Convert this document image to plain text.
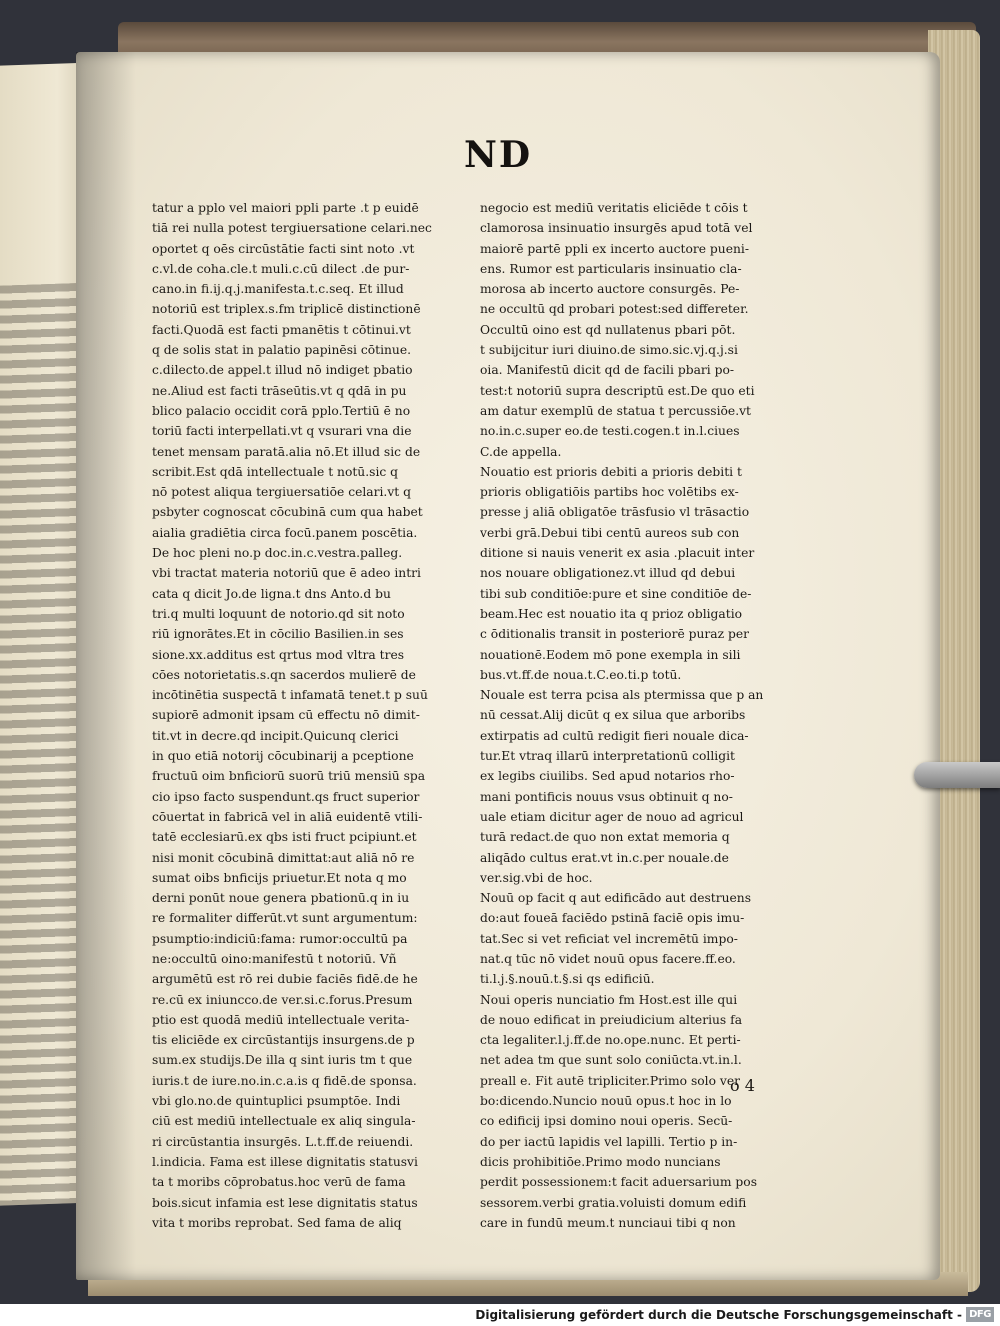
ND
tatur a pplo vel maiori ppli parte .t p euidē
tiā rei nulla potest tergiuersatione celari.nec
oportet q oēs circūstātie facti sint noto .vt
c.vl.de coha.cle.t muli.c.cū dilect .de pur-
cano.in fi.ij.q.j.manifesta.t.c.seq. Et illud
notoriū est triplex.s.fm triplicē distinctionē
facti.Quodā est facti pmanētis t cōtinui.vt
q de solis stat in palatio papinēsi cōtinue.
c.dilecto.de appel.t illud nō indiget pbatio
ne.Aliud est facti trāseūtis.vt q qdā in pu
blico palacio occidit corā pplo.Tertiū ē no
toriū facti interpellati.vt q vsurari vna die
tenet mensam paratā.alia nō.Et illud sic de
scribit.Est qdā intellectuale t notū.sic q
nō potest aliqua tergiuersatiōe celari.vt q
psbyter cognoscat cōcubinā cum qua habet
aialia gradiētia circa focū.panem poscētia.
De hoc pleni no.p doc.in.c.vestra.palleg.
vbi tractat materia notoriū que ē adeo intri
cata q dicit Jo.de ligna.t dns Anto.d bu
tri.q multi loquunt de notorio.qd sit noto
riū ignorātes.Et in cōcilio Basilien.in ses
sione.xx.additus est qrtus mod vltra tres
cōes notorietatis.s.qn sacerdos mulierē de
incōtinētia suspectā t infamatā tenet.t p suū
supiorē admonit ipsam cū effectu nō dimit-
tit.vt in decre.qd incipit.Quicunq clerici
in quo etiā notorij cōcubinarij a pceptione
fructuū oim bnficiorū suorū triū mensiū spa
cio ipso facto suspendunt.qs fruct superior
cōuertat in fabricā vel in aliā euidentē vtili-
tatē ecclesiarū.ex qbs isti fruct pcipiunt.et
nisi monit cōcubinā dimittat:aut aliā nō re
sumat oibs bnficijs priuetur.Et nota q mo
derni ponūt noue genera pbationū.q in iu
re formaliter differūt.vt sunt argumentum:
psumptio:indiciū:fama: rumor:occultū pa
ne:occultū oino:manifestū t notoriū. Vñ
argumētū est rō rei dubie faciēs fidē.de he
re.cū ex iniuncco.de ver.si.c.forus.Presum
ptio est quodā mediū intellectuale verita-
tis eliciēde ex circūstantijs insurgens.de p
sum.ex studijs.De illa q sint iuris tm t que
iuris.t de iure.no.in.c.a.is q fidē.de sponsa.
vbi glo.no.de quintuplici psumptōe. Indi
ciū est mediū intellectuale ex aliq singula-
ri circūstantia insurgēs. L.t.ff.de reiuendi.
l.indicia. Fama est illese dignitatis statusvi
ta t moribs cōprobatus.hoc verū de fama
bois.sicut infamia est lese dignitatis status
vita t moribs reprobat. Sed fama de aliq
negocio est mediū veritatis eliciēde t cōis t
clamorosa insinuatio insurgēs apud totā vel
maiorē partē ppli ex incerto auctore pueni-
ens. Rumor est particularis insinuatio cla-
morosa ab incerto auctore consurgēs. Pe-
ne occultū qd probari potest:sed differeter.
Occultū oino est qd nullatenus pbari pōt.
t subijcitur iuri diuino.de simo.sic.vj.q.j.si
oia. Manifestū dicit qd de facili pbari po-
test:t notoriū supra descriptū est.De quo eti
am datur exemplū de statua t percussiōe.vt
no.in.c.super eo.de testi.cogen.t in.l.ciues
C.de appella.
Nouatio est prioris debiti a prioris debiti t
prioris obligatiōis partibs hoc volētibs ex-
presse j aliā obligatōe trāsfusio vl trāsactio
verbi grā.Debui tibi centū aureos sub con
ditione si nauis venerit ex asia .placuit inter
nos nouare obligationez.vt illud qd debui
tibi sub conditiōe:pure et sine conditiōe de-
beam.Hec est nouatio ita q prioz obligatio
c ōditionalis transit in posteriorē puraz per
nouationē.Eodem mō pone exempla in sili
bus.vt.ff.de noua.t.C.eo.ti.p totū.
Nouale est terra pcisa als ptermissa que p an
nū cessat.Alij dicūt q ex silua que arboribs
extirpatis ad cultū redigit fieri nouale dica-
tur.Et vtraq illarū interpretationū colligit
ex legibs ciuilibs. Sed apud notarios rho-
mani pontificis nouus vsus obtinuit q no-
uale etiam dicitur ager de nouo ad agricul
turā redact.de quo non extat memoria q
aliqādo cultus erat.vt in.c.per nouale.de
ver.sig.vbi de hoc.
Nouū op facit q aut edificādo aut destruens
do:aut foueā faciēdo pstinā faciē opis imu-
tat.Sec si vet reficiat vel incremētū impo-
nat.q tūc nō videt nouū opus facere.ff.eo.
ti.l.j.§.nouū.t.§.si qs edificiū.
Noui operis nunciatio fm Host.est ille qui
de nouo edificat in preiudicium alterius fa
cta legaliter.l.j.ff.de no.ope.nunc. Et perti-
net adea tm que sunt solo coniūcta.vt.in.l.
preall e. Fit autē tripliciter.Primo solo ver
bo:dicendo.Nuncio nouū opus.t hoc in lo
co edificij ipsi domino noui operis. Secū-
do per iactū lapidis vel lapilli. Tertio p in-
dicis prohibitiōe.Primo modo nuncians
perdit possessionem:t facit aduersarium pos
sessorem.verbi gratia.voluisti domum edifi
care in fundū meum.t nunciaui tibi q non
o 4
Digitalisierung gefördert durch die Deutsche Forschungsgemeinschaft - DFG
